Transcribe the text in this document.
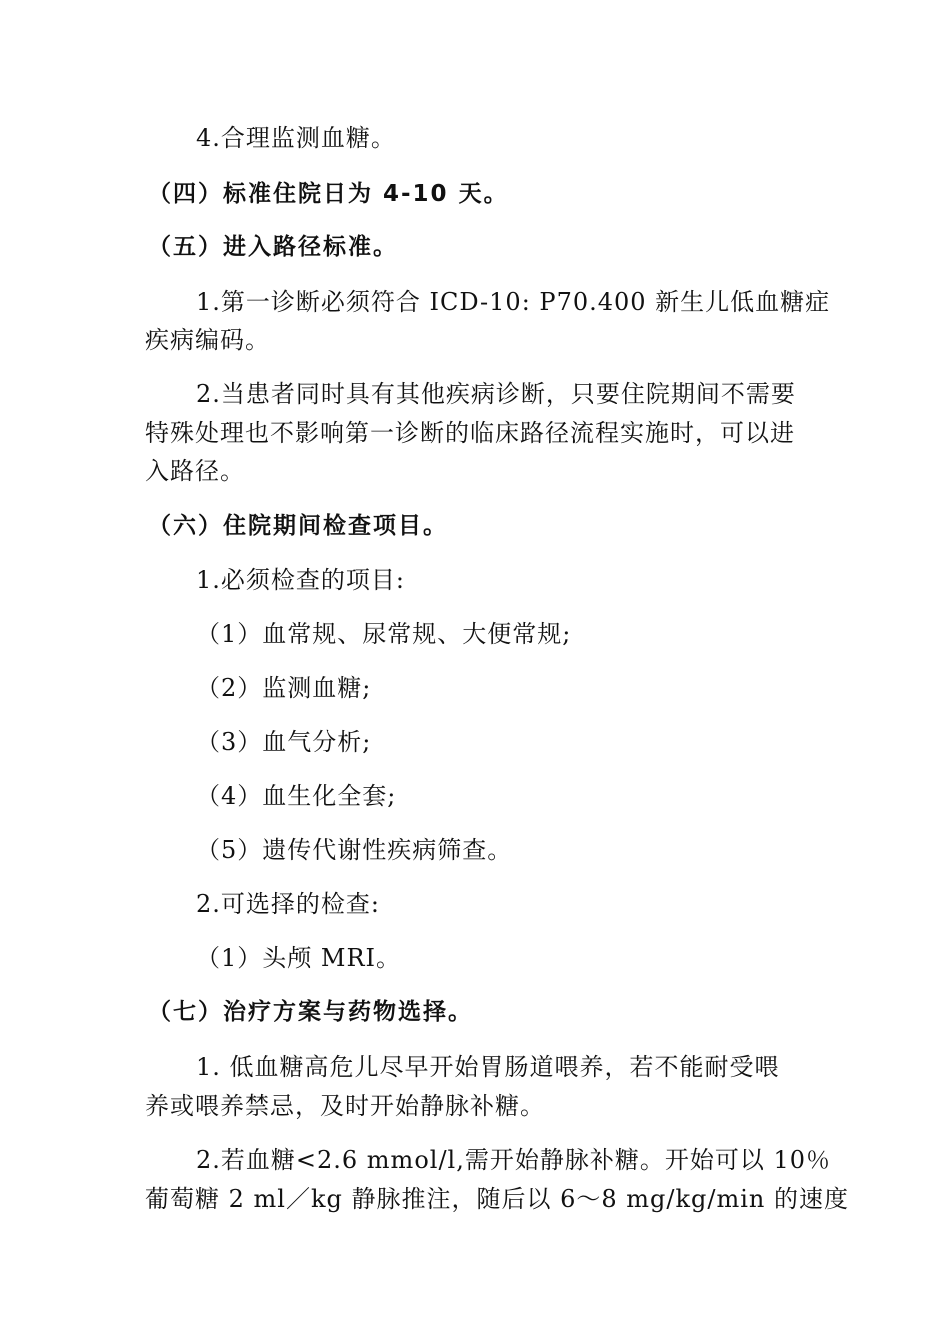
4.合理监测血糖。
（四）标准住院日为 4-10 天。
（五）进入路径标准。
1.第一诊断必须符合 ICD-10: P70.400 新生儿低血糖症
疾病编码。
2.当患者同时具有其他疾病诊断，只要住院期间不需要
特殊处理也不影响第一诊断的临床路径流程实施时，可以进
入路径。
（六）住院期间检查项目。
1.必须检查的项目:
（1）血常规、尿常规、大便常规;
（2）监测血糖;
（3）血气分析;
（4）血生化全套;
（5）遗传代谢性疾病筛查。
2.可选择的检查:
（1）头颅 MRI。
（七）治疗方案与药物选择。
1. 低血糖高危儿尽早开始胃肠道喂养，若不能耐受喂
养或喂养禁忌，及时开始静脉补糖。
2.若血糖<2.6 mmol/l,需开始静脉补糖。开始可以 10％
葡萄糖 2 ml／kg 静脉推注，随后以 6～8 mg/kg/min 的速度
